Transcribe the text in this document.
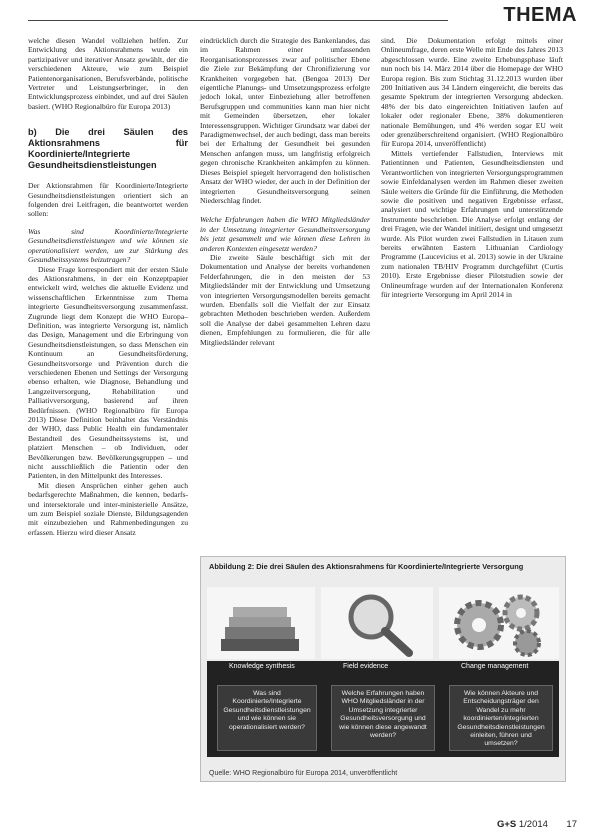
THEMA

welche diesen Wandel vollziehen helfen. Zur Entwicklung des Aktionsrahmens wurde ein partizipativer und iterativer Ansatz gewählt, der die verschiedenen Akteure, wie zum Beispiel Patientenorganisationen, Berufsverbände, politische Vertreter und Leistungserbringer, in den Entwicklungsprozess einbindet, und auf drei Säulen basiert. (WHO Regionalbüro für Europa 2013)

b) Die drei Säulen des Aktionsrahmens für Koordinierte/Integrierte Gesundheitsdienstleistungen

Der Aktionsrahmen für Koordinierte/Integrierte Gesundheitsdienstleistungen orientiert sich an folgenden drei Leitfragen, die beantwortet werden sollen:

Was sind Koordinierte/Integrierte Gesundheitsdienstleistungen und wie können sie operationalisiert werden, um zur Stärkung des Gesundheitssystems beizutragen?

Diese Frage korrespondiert mit der ersten Säule des Aktionsrahmens, in der ein Konzeptpapier entwickelt wird, welches die aktuelle Evidenz und wissenschaftlichen Erkenntnisse zum Thema integrierte Gesundheitsversorgung zusammenfasst. Zugrunde liegt dem Konzept die WHO Europa–Definition, was integrierte Versorgung ist, nämlich das Design, Management und die Erbringung von Gesundheitsdienstleistungen, so dass Menschen ein Kontinuum an Gesundheitsförderung, Gesundheitsvorsorge und Prävention durch die verschiedenen Ebenen und Settings der Versorgung ebenso erhalten, wie Diagnose, Behandlung und Langzeitversorgung, Rehabilitation und Palliativversorgung, basierend auf ihren Bedürfnissen. (WHO Regionalbüro für Europa 2013) Diese Definition beinhaltet das Verständnis der WHO, dass Public Health ein fundamentaler Bestandteil des Gesundheitssystems ist, und platziert Menschen – ob Individuen, oder Bevölkerungen bzw. Bevölkerungsgruppen – und nicht ausschließlich die Patientin oder den Patienten, in den Mittelpunkt des Interesses.

Mit diesen Ansprüchen einher gehen auch bedarfsgerechte Maßnahmen, die kennen, bedarfs- und intersektorale und inter-ministerielle Ansätze, um zum Beispiel soziale Dienste, Bildungsagenden mit einzubeziehen und Rahmenbedingungen zu erfassen. Hierzu wird dieser Ansatz

eindrücklich durch die Strategie des Bankenlandes, das im Rahmen einer umfassenden Reorganisationsprozesses zwar auf politischer Ebene die Ziele zur Bekämpfung der Chronifizierung vor Krankheiten vorgegeben hat. (Bengoa 2013) Der eigentliche Planungs- und Umsetzungsprozess erfolgte jedoch lokal, unter Einbeziehung aller betroffenen Berufsgruppen und communities kann man hier nicht mit Gemeinden übersetzen, eher lokaler Interessensgruppen. Wichtiger Grundsatz war dabei der Paradigmenwechsel, der auch bedingt, dass man bereits bei der Erhaltung der Gesundheit bei gesunden Menschen anfangen muss, um langfristig erfolgreich gegen chronische Krankheiten ankämpfen zu können. Dieses Beispiel spiegelt hervorragend den holistischen Ansatz der WHO wieder, der auch in der Definition der integrierten Gesundheitsversorgung seinen Niederschlag findet.

Welche Erfahrungen haben die WHO Mitgliedsländer in der Umsetzung integrierter Gesundheitsversorgung bis jetzt gesammelt und wie können diese Lehren in anderen Kontexten eingesetzt werden?

Die zweite Säule beschäftigt sich mit der Dokumentation und Analyse der bereits vorhandenen Felderfahrungen, die in den meisten der 53 Mitgliedsländer mit der Entwicklung und Umsetzung von integrierten Versorgungsmodellen bereits gemacht wurden. Ebenfalls soll die Vielfalt der zur Einsatz gebrachten Methoden beschrieben werden. Außerdem soll die Analyse der dabei gesammelten Lehren dazu dienen, Empfehlungen zu formulieren, die für alle Mitgliedsländer relevant

sind. Die Dokumentation erfolgt mittels einer Onlineumfrage, deren erste Welle mit Ende des Jahres 2013 abgeschlossen wurde. Eine zweite Erhebungsphase läuft nun noch bis 14. März 2014 über die Homepage der WHO Europa region. Bis zum Stichtag 31.12.2013 wurden über 200 Initiativen aus 34 Ländern eingereicht, die bereits das gesamte Spektrum der integrierten Versorgung abdecken. 48% der bis dato eingereichten Initiativen laufen auf lokaler oder regionaler Ebene, 38% dokumentieren nationale Bemühungen, und 4% werden sogar EU weit oder grenzüberschreitend organisiert. (WHO Regionalbüro für Europa 2014, unveröffentlicht)

Mittels vertiefender Fallstudien, Interviews mit Patientinnen und Patienten, Gesundheitsdiensten und Verantwortlichen von integrierten Versorgungsprogrammen sowie Einfeldanalysen werden im Rahmen dieser zweiten Säule weiters die Gründe für die Einführung, die Methoden sowie die positiven und negativen Ergebnisse erfasst, analysiert und wichtige Erfahrungen und unterstützende Instrumente beschrieben. Die Analyse erfolgt entlang der drei Fragen, wie der Wandel initiiert, designt und umgesetzt wurde. Als Pilot wurden zwei Fallstudien in Litauen zum bereits erwähnten Eastern Lithuanian Cardiology Programme (Laucevicius et al. 2013) sowie in der Ukraine zum nationalen TB/HIV Programm durchgeführt (Curtis 2010). Erste Ergebnisse dieser Pilotstudien sowie der Onlineumfrage wurden auf der Internationalen Konferenz für integrierte Versorgung im April 2014 in

Abbildung 2: Die drei Säulen des Aktionsrahmens für Koordinierte/Integrierte Versorgung
Knowledge synthesis	Field evidence	Change management
Was sind Koordinierte/Integrierte Gesundheitsdienstleistungen und wie können sie operationalisiert werden?
Welche Erfahrungen haben WHO Mitgliedsländer in der Umsetzung integrierter Gesundheitsversorgung und wie können diese angewandt werden?
Wie können Akteure und Entscheidungsträger den Wandel zu mehr koordinierten/integrierten Gesundheitsdienstleistungen einleiten, führen und umsetzen?
Quelle: WHO Regionalbüro für Europa 2014, unveröffentlicht
G+S 1/2014 17
